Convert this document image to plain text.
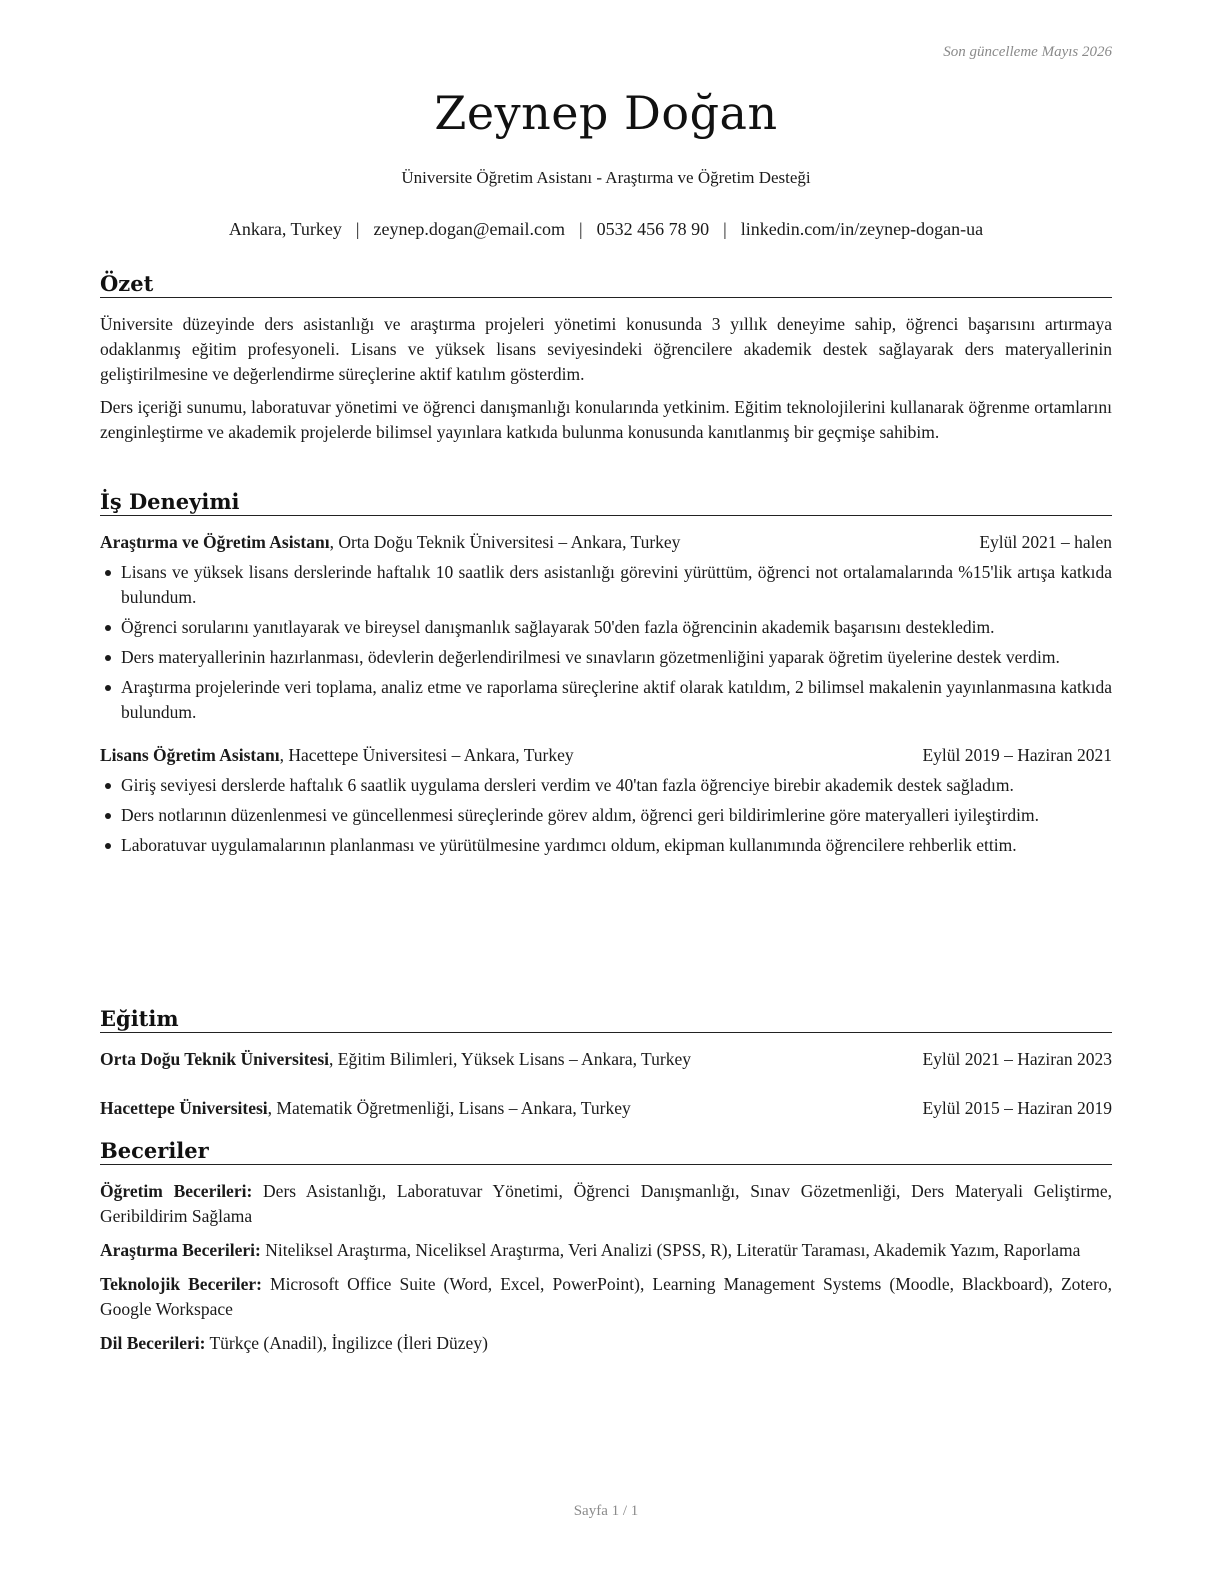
Son güncelleme Mayıs 2026
Zeynep Doğan
Üniversite Öğretim Asistanı - Araştırma ve Öğretim Desteği
Ankara, Turkey | zeynep.dogan@email.com | 0532 456 78 90 | linkedin.com/in/zeynep-dogan-ua
Özet

Üniversite düzeyinde ders asistanlığı ve araştırma projeleri yönetimi konusunda 3 yıllık deneyime sahip, öğrenci başarısını artırmaya odaklanmış eğitim profesyoneli. Lisans ve yüksek lisans seviyesindeki öğrencilere akademik destek sağlayarak ders materyallerinin geliştirilmesine ve değerlendirme süreçlerine aktif katılım gösterdim.

Ders içeriği sunumu, laboratuvar yönetimi ve öğrenci danışmanlığı konularında yetkinim. Eğitim teknolojilerini kullanarak öğrenme ortamlarını zenginleştirme ve akademik projelerde bilimsel yayınlara katkıda bulunma konusunda kanıtlanmış bir geçmişe sahibim.

İş Deneyimi
Araştırma ve Öğretim Asistanı, Orta Doğu Teknik Üniversitesi – Ankara, Turkey	Eylül 2021 – halen
Lisans ve yüksek lisans derslerinde haftalık 10 saatlik ders asistanlığı görevini yürüttüm, öğrenci not ortalamalarında %15'lik artışa katkıda bulundum.
Öğrenci sorularını yanıtlayarak ve bireysel danışmanlık sağlayarak 50'den fazla öğrencinin akademik başarısını destekledim.
Ders materyallerinin hazırlanması, ödevlerin değerlendirilmesi ve sınavların gözetmenliğini yaparak öğretim üyelerine destek verdim.
Araştırma projelerinde veri toplama, analiz etme ve raporlama süreçlerine aktif olarak katıldım, 2 bilimsel makalenin yayınlanmasına katkıda bulundum.
Lisans Öğretim Asistanı, Hacettepe Üniversitesi – Ankara, Turkey	Eylül 2019 – Haziran 2021
Giriş seviyesi derslerde haftalık 6 saatlik uygulama dersleri verdim ve 40'tan fazla öğrenciye birebir akademik destek sağladım.
Ders notlarının düzenlenmesi ve güncellenmesi süreçlerinde görev aldım, öğrenci geri bildirimlerine göre materyalleri iyileştirdim.
Laboratuvar uygulamalarının planlanması ve yürütülmesine yardımcı oldum, ekipman kullanımında öğrencilere rehberlik ettim.
Eğitim
Orta Doğu Teknik Üniversitesi, Eğitim Bilimleri, Yüksek Lisans – Ankara, Turkey	Eylül 2021 – Haziran 2023
Hacettepe Üniversitesi, Matematik Öğretmenliği, Lisans – Ankara, Turkey	Eylül 2015 – Haziran 2019
Beceriler
Öğretim Becerileri: Ders Asistanlığı, Laboratuvar Yönetimi, Öğrenci Danışmanlığı, Sınav Gözetmenliği, Ders Materyali Geliştirme, Geribildirim Sağlama
Araştırma Becerileri: Niteliksel Araştırma, Niceliksel Araştırma, Veri Analizi (SPSS, R), Literatür Taraması, Akademik Yazım, Raporlama
Teknolojik Beceriler: Microsoft Office Suite (Word, Excel, PowerPoint), Learning Management Systems (Moodle, Blackboard), Zotero, Google Workspace
Dil Becerileri: Türkçe (Anadil), İngilizce (İleri Düzey)
Sayfa 1 / 1
